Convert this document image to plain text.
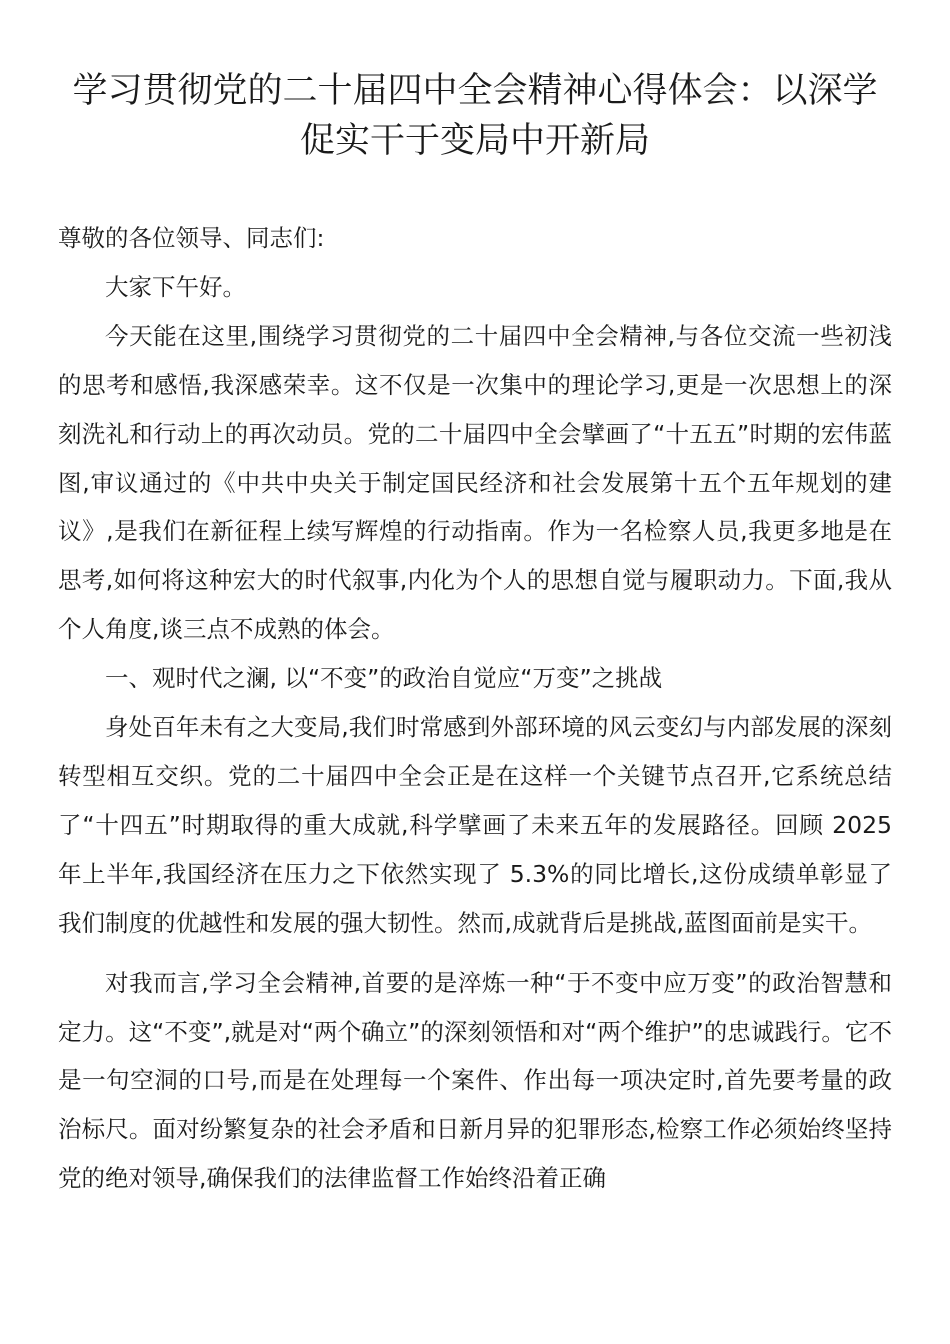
学习贯彻党的二十届四中全会精神心得体会：以深学促实干于变局中开新局

尊敬的各位领导、同志们:

大家下午好。

今天能在这里,围绕学习贯彻党的二十届四中全会精神,与各位交流一些初浅的思考和感悟,我深感荣幸。这不仅是一次集中的理论学习,更是一次思想上的深刻洗礼和行动上的再次动员。党的二十届四中全会擘画了“十五五”时期的宏伟蓝图,审议通过的《中共中央关于制定国民经济和社会发展第十五个五年规划的建议》,是我们在新征程上续写辉煌的行动指南。作为一名检察人员,我更多地是在思考,如何将这种宏大的时代叙事,内化为个人的思想自觉与履职动力。下面,我从个人角度,谈三点不成熟的体会。

一、观时代之澜, 以“不变”的政治自觉应“万变”之挑战

身处百年未有之大变局,我们时常感到外部环境的风云变幻与内部发展的深刻转型相互交织。党的二十届四中全会正是在这样一个关键节点召开,它系统总结了“十四五”时期取得的重大成就,科学擘画了未来五年的发展路径。回顾 2025 年上半年,我国经济在压力之下依然实现了 5.3%的同比增长,这份成绩单彰显了我们制度的优越性和发展的强大韧性。然而,成就背后是挑战,蓝图面前是实干。

对我而言,学习全会精神,首要的是淬炼一种“于不变中应万变”的政治智慧和定力。这“不变”,就是对“两个确立”的深刻领悟和对“两个维护”的忠诚践行。它不是一句空洞的口号,而是在处理每一个案件、作出每一项决定时,首先要考量的政治标尺。面对纷繁复杂的社会矛盾和日新月异的犯罪形态,检察工作必须始终坚持党的绝对领导,确保我们的法律监督工作始终沿着正确
